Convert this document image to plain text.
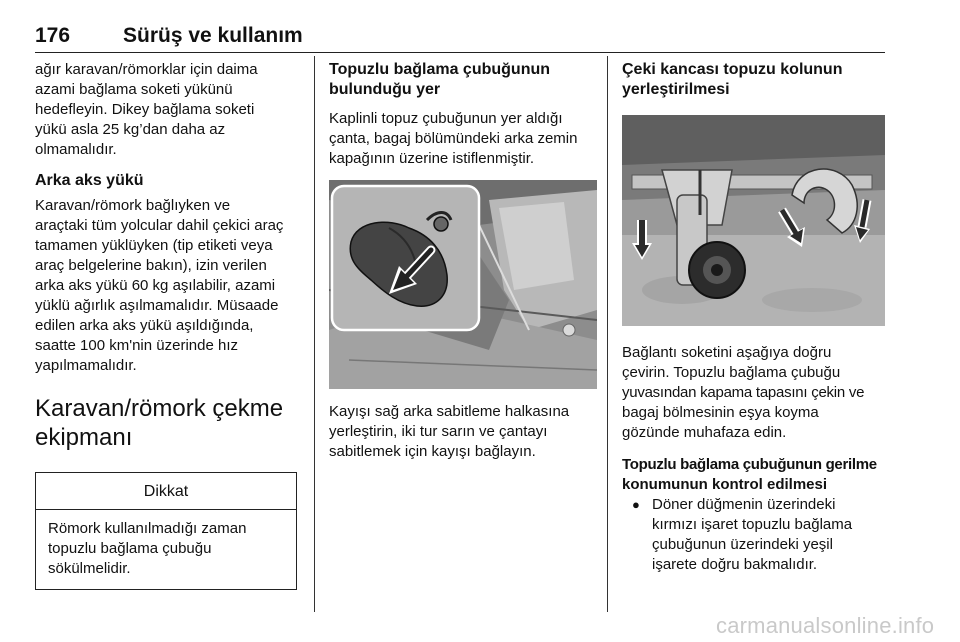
176	Sürüş ve kullanım

ağır karavan/römorklar için daima

azami bağlama soketi yükünü

hedefleyin. Dikey bağlama soketi

yükü asla 25 kg’dan daha az

olmamalıdır.

Arka aks yükü

Karavan/römork bağlıyken ve

araçtaki tüm yolcular dahil çekici araç

tamamen yüklüyken (tip etiketi veya

araç belgelerine bakın), izin verilen

arka aks yükü 60 kg aşılabilir, azami

yüklü ağırlık aşılmamalıdır. Müsaade

edilen arka aks yükü aşıldığında,

saatte 100 km'nin üzerinde hız

yapılmamalıdır.

Karavan/römork çekme
ekipmanı
Dikkat
Römork kullanılmadığı zaman
topuzlu bağlama çubuğu
sökülmelidir.
Topuzlu bağlama çubuğunun
bulunduğu yer

Kaplinli topuz çubuğunun yer aldığı

çanta, bagaj bölümündeki arka zemin

kapağının üzerine istiflenmiştir.

Kayışı sağ arka sabitleme halkasına

yerleştirin, iki tur sarın ve çantayı

sabitlemek için kayışı bağlayın.

Çeki kancası topuzu kolunun
yerleştirilmesi

Bağlantı soketini aşağıya doğru

çevirin. Topuzlu bağlama çubuğu

yuvasından kapama tapasını çekin ve

bagaj bölmesinin eşya koyma

gözünde muhafaza edin.

Topuzlu bağlama çubuğunun gerilme

konumunun kontrol edilmesi

● Döner düğmenin üzerindeki

kırmızı işaret topuzlu bağlama

çubuğunun üzerindeki yeşil

işarete doğru bakmalıdır.

carmanualsonline.info
